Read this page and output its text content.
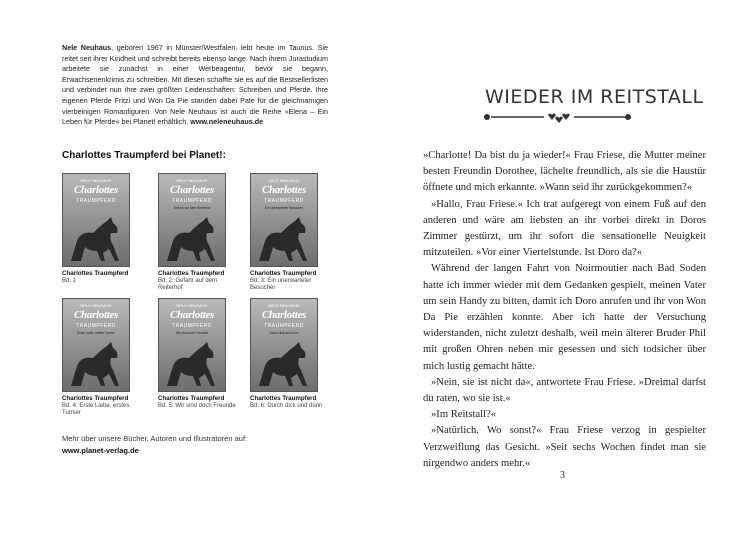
Nele Neuhaus, geboren 1967 in Münster/Westfalen, lebt heute im Taunus. Sie reitet seit ihrer Kindheit und schreibt bereits ebenso lange. Nach ihrem Jurastudium arbeitete sie zunächst in einer Werbeagentur, bevor sie begann, Erwachsenenkrimis zu schreiben. Mit diesen schaffte sie es auf die Bestsellerlisten und verbindet nun ihre zwei größten Leidenschaften: Schreiben und Pferde. Ihre eigenen Pferde Fritzi und Won Da Pie standen dabei Pate für die gleichnamigen vierbeinigen Romanfiguren. Von Nele Neuhaus ist auch die Reihe »Elena – Ein Leben für Pferde« bei Planet! erhältlich. www.neleneuhaus.de
Charlottes Traumpferd bei Planet!:
NELE NEUHAUS
Charlottes
TRAUMPFERD
Charlottes Traumpferd
Bd. 1
NELE NEUHAUS
Charlottes
TRAUMPFERD
Gefahr auf dem Reiterhof
Charlottes Traumpferd
Bd. 2: Gefahr auf dem Reiterhof
NELE NEUHAUS
Charlottes
TRAUMPFERD
Ein unerwarteter Besucher
Charlottes Traumpferd
Bd. 3: Ein unerwarteter Besucher
NELE NEUHAUS
Charlottes
TRAUMPFERD
Erste Liebe, erstes Turnier
Charlottes Traumpferd
Bd. 4: Erste Liebe, erstes Turnier
NELE NEUHAUS
Charlottes
TRAUMPFERD
Wir sind doch Freunde
Charlottes Traumpferd
Bd. 5: Wir sind doch Freunde
NELE NEUHAUS
Charlottes
TRAUMPFERD
Durch dick und dünn
Charlottes Traumpferd
Bd. 6: Durch dick und dünn
Mehr über unsere Bücher, Autoren und Illustratoren auf:
www.planet-verlag.de
WIEDER IM REITSTALL

»Charlotte! Da bist du ja wieder!« Frau Friese, die Mutter meiner besten Freundin Dorothee, lächelte freundlich, als sie die Haustür öffnete und mich erkannte. »Wann seid ihr zurückgekommen?«

»Hallo, Frau Friese.« Ich trat aufgeregt von einem Fuß auf den anderen und wäre am liebsten an ihr vorbei direkt in Doros Zimmer gestürzt, um ihr sofort die sensationelle Neuigkeit mitzuteilen. »Vor einer Viertelstunde. Ist Doro da?«

Während der langen Fahrt von Noirmoutier nach Bad Soden hatte ich immer wieder mit dem Gedanken gespielt, meinen Vater um sein Handy zu bitten, damit ich Doro anrufen und ihr von Won Da Pie erzählen konnte. Aber ich hatte der Versuchung widerstanden, nicht zuletzt deshalb, weil mein älterer Bruder Phil mit großen Ohren neben mir gesessen und sich todsicher über mich lustig gemacht hätte.

»Nein, sie ist nicht da«, antwortete Frau Friese. »Dreimal darfst du raten, wo sie ist.«

»Im Reitstall?«

»Natürlich. Wo sonst?« Frau Friese verzog in gespielter Verzweiflung das Gesicht. »Seit sechs Wochen findet man sie nirgendwo anders mehr.«

3
